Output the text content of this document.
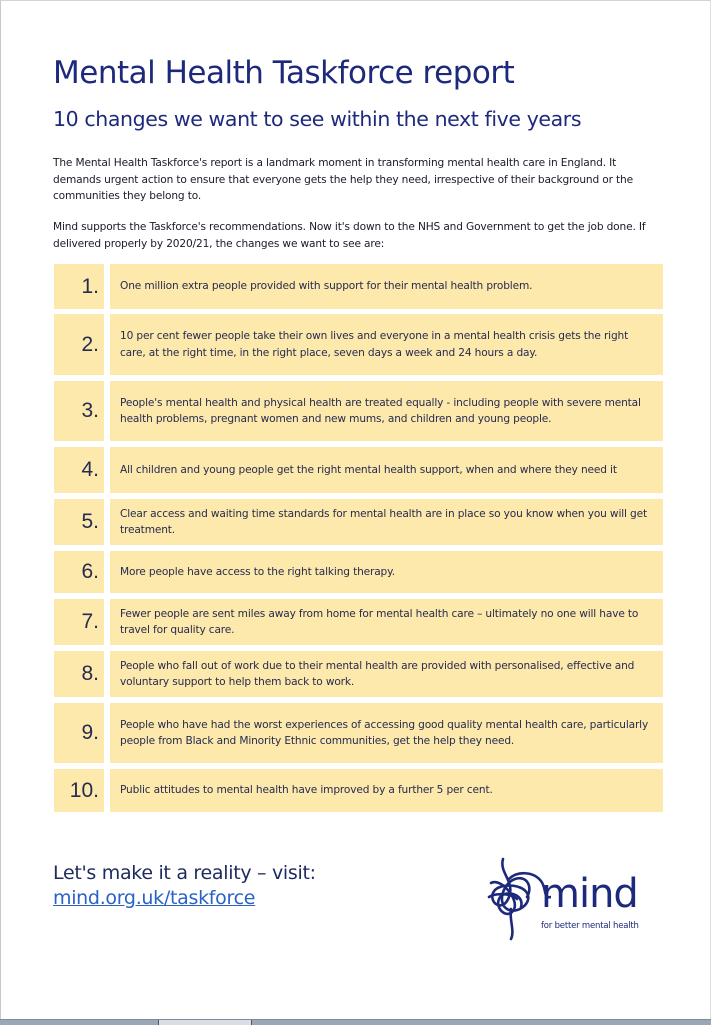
Mental Health Taskforce report
10 changes we want to see within the next five years

The Mental Health Taskforce's report is a landmark moment in transforming mental health care in England. It demands urgent action to ensure that everyone gets the help they need, irrespective of their background or the communities they belong to.

Mind supports the Taskforce's recommendations. Now it's down to the NHS and Government to get the job done. If delivered properly by 2020/21, the changes we want to see are:

1. One million extra people provided with support for their mental health problem.
2. 10 per cent fewer people take their own lives and everyone in a mental health crisis gets the right care, at the right time, in the right place, seven days a week and 24 hours a day.
3. People's mental health and physical health are treated equally - including people with severe mental health problems, pregnant women and new mums, and children and young people.
4. All children and young people get the right mental health support, when and where they need it
5. Clear access and waiting time standards for mental health are in place so you know when you will get treatment.
6. More people have access to the right talking therapy.
7. Fewer people are sent miles away from home for mental health care – ultimately no one will have to travel for quality care.
8. People who fall out of work due to their mental health are provided with personalised, effective and voluntary support to help them back to work.
9. People who have had the worst experiences of accessing good quality mental health care, particularly people from Black and Minority Ethnic communities, get the help they need.
10. Public attitudes to mental health have improved by a further 5 per cent.
Let's make it a reality – visit:
mind.org.uk/taskforce	mind
for better mental health
